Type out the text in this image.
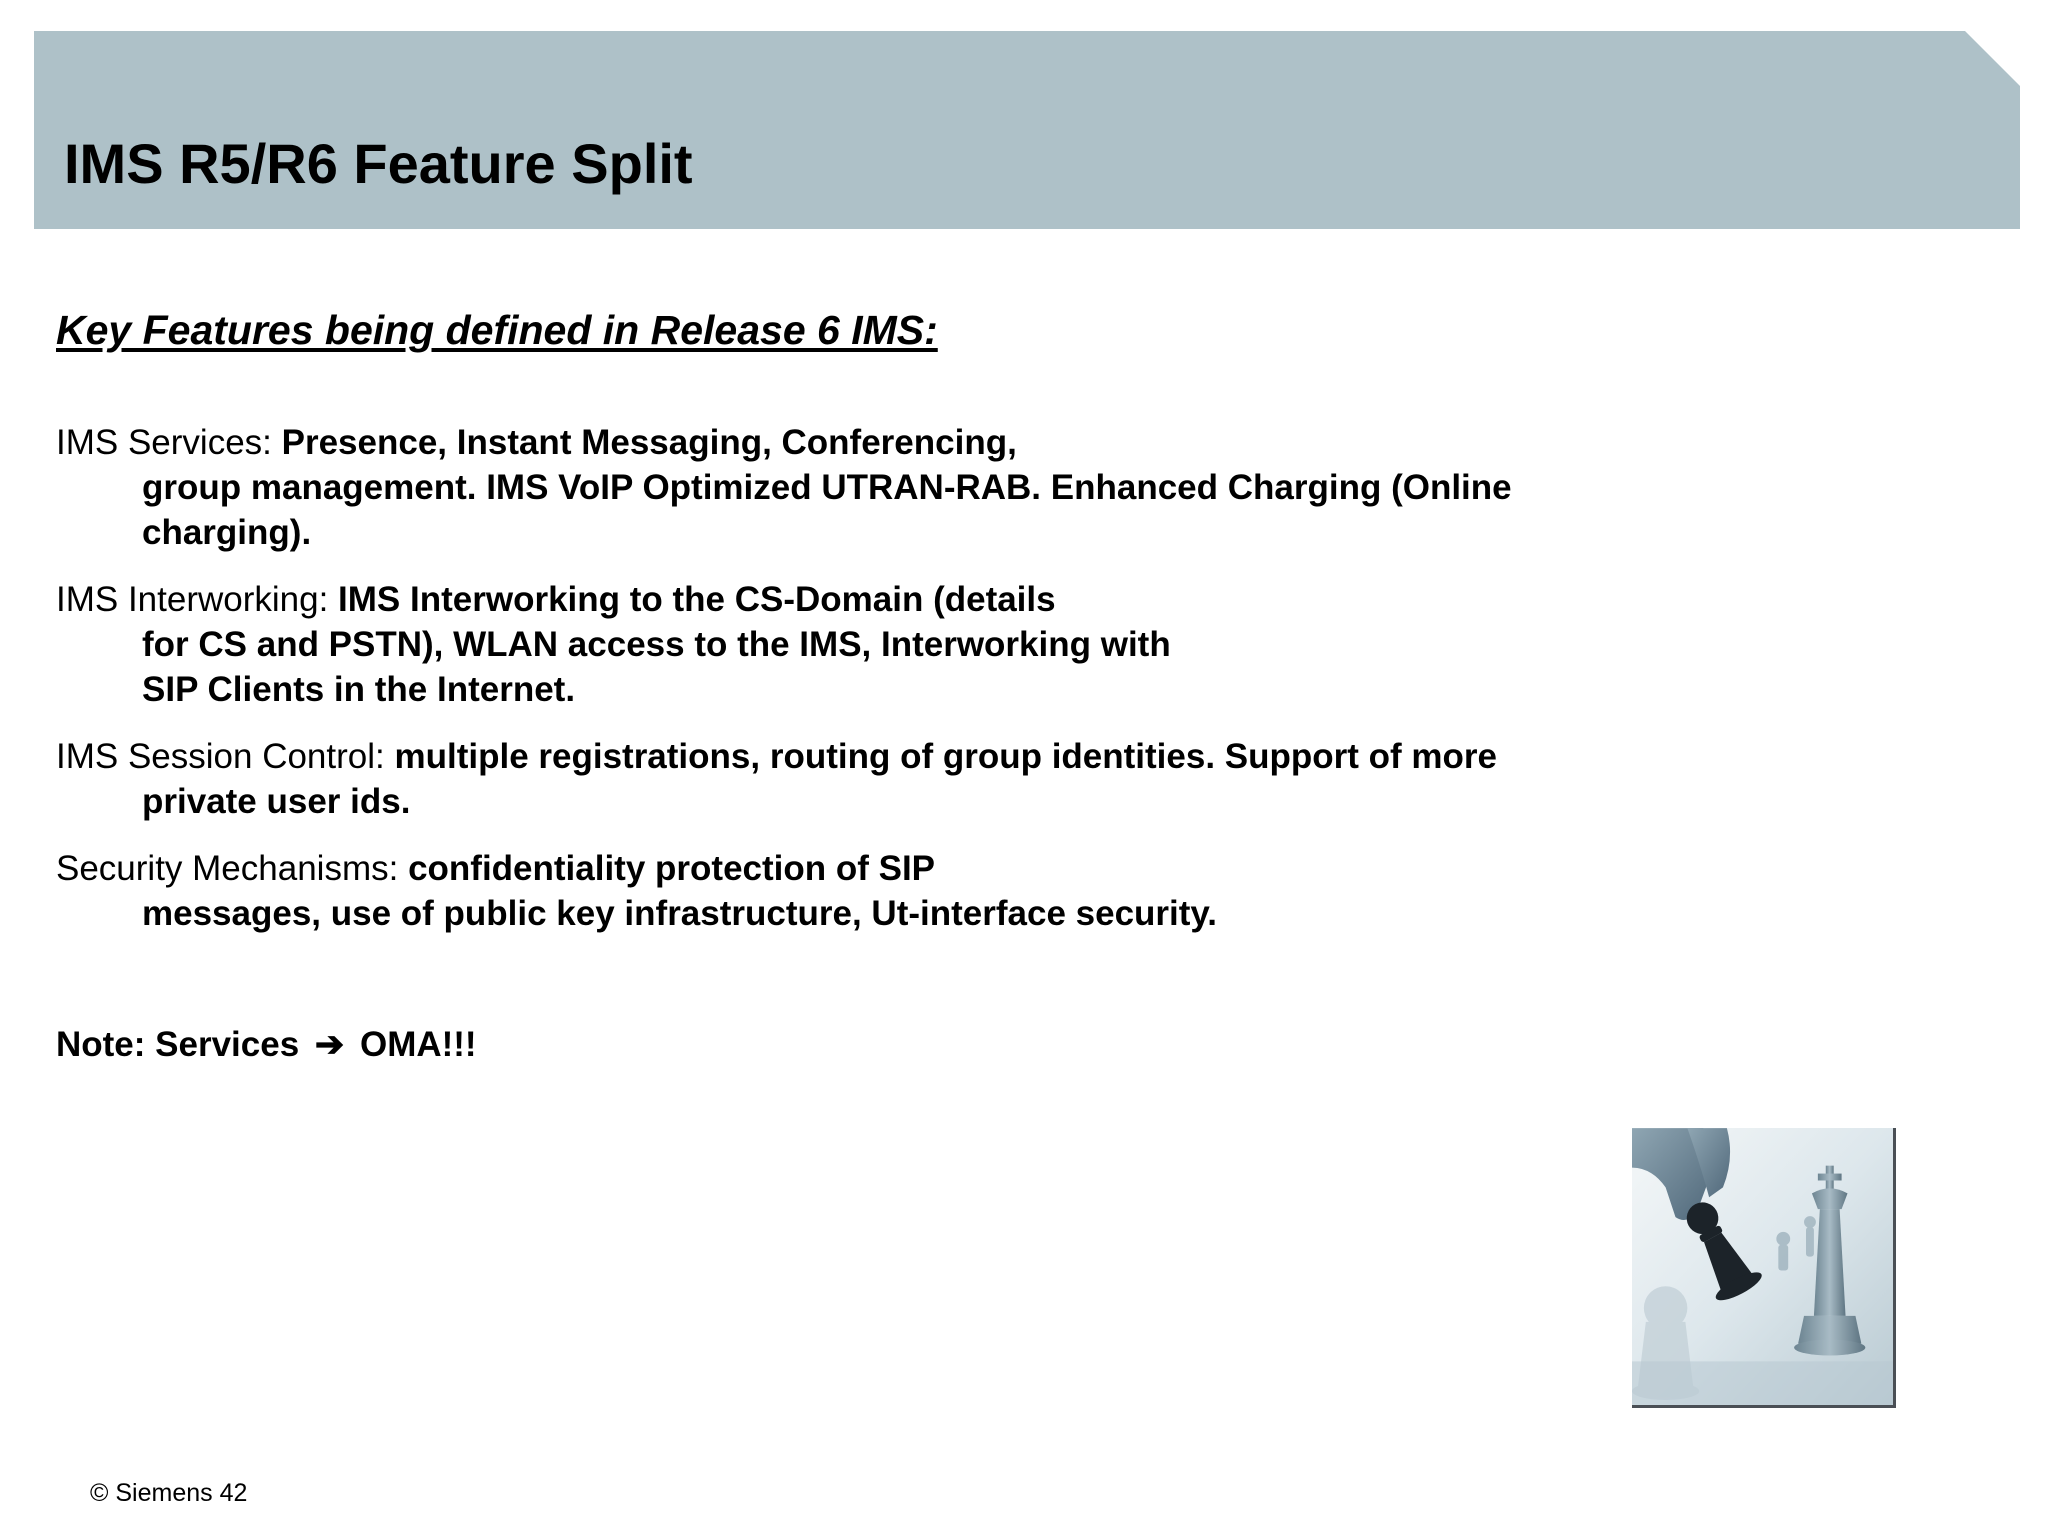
IMS R5/R6 Feature Split
Key Features being defined in Release 6 IMS:
IMS Services: Presence, Instant Messaging, Conferencing,
group management. IMS VoIP Optimized UTRAN-RAB. Enhanced Charging (Online
charging).
IMS Interworking: IMS Interworking to the CS-Domain (details
for CS and PSTN), WLAN access to the IMS, Interworking with
SIP Clients in the Internet.
IMS Session Control: multiple registrations, routing of group identities. Support of more
private user ids.
Security Mechanisms: confidentiality protection of SIP
messages, use of public key infrastructure, Ut-interface security.

Note: Services ➔ OMA!!!

© Siemens 42
